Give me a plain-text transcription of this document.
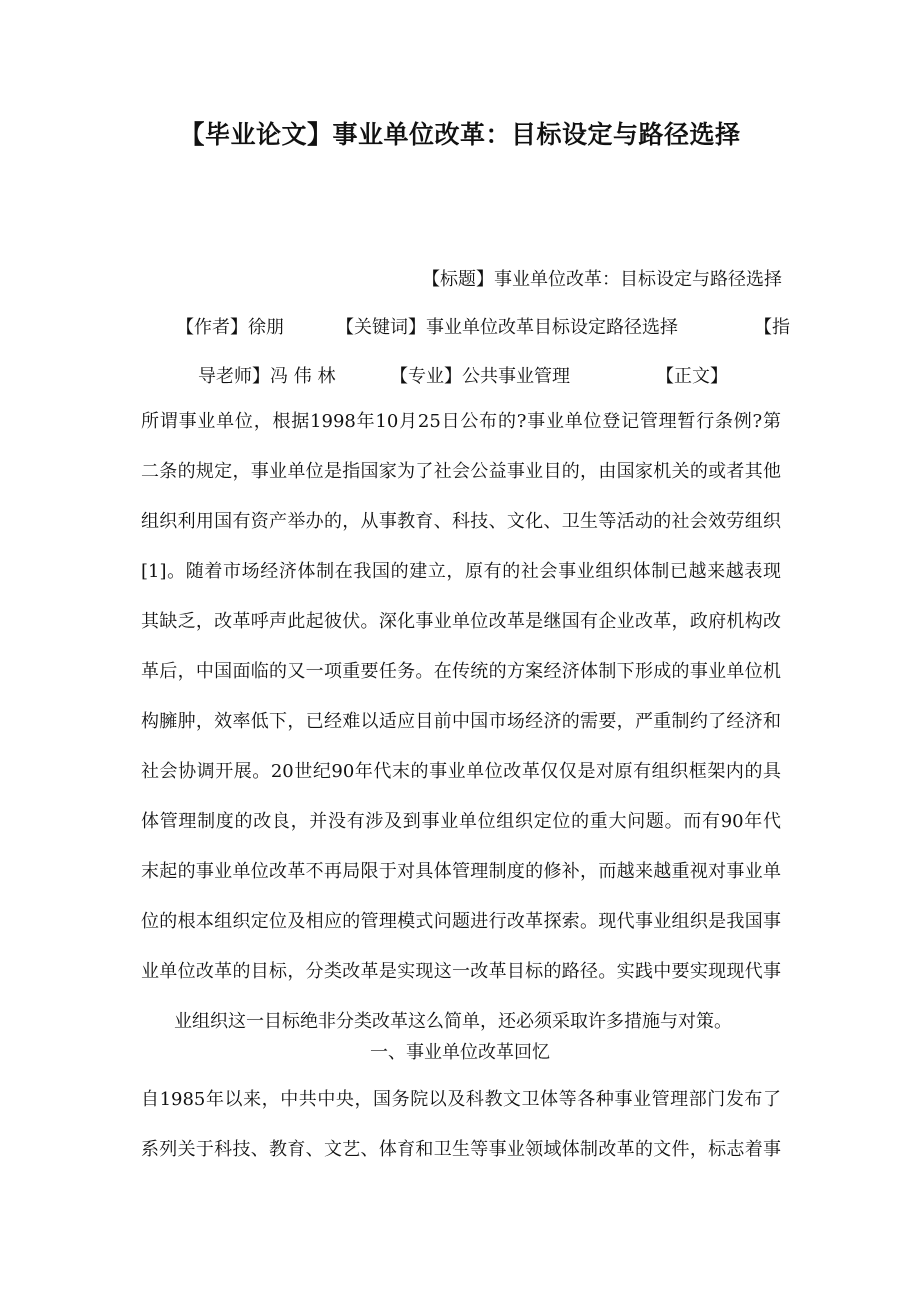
【毕业论文】事业单位改革：目标设定与路径选择
【标题】事业单位改革：目标设定与路径选择
【作者】徐朋	【关键词】事业单位改革目标设定路径选择	【指
导老师】冯 伟 林	【专业】公共事业管理	【正文】
所谓事业单位，根据1998年10月25日公布的?事业单位登记管理暂行条例?第
二条的规定，事业单位是指国家为了社会公益事业目的，由国家机关的或者其他
组织利用国有资产举办的，从事教育、科技、文化、卫生等活动的社会效劳组织
[1]。随着市场经济体制在我国的建立，原有的社会事业组织体制已越来越表现
其缺乏，改革呼声此起彼伏。深化事业单位改革是继国有企业改革，政府机构改
革后，中国面临的又一项重要任务。在传统的方案经济体制下形成的事业单位机
构臃肿，效率低下，已经难以适应目前中国市场经济的需要，严重制约了经济和
社会协调开展。20世纪90年代末的事业单位改革仅仅是对原有组织框架内的具
体管理制度的改良，并没有涉及到事业单位组织定位的重大问题。而有90年代
末起的事业单位改革不再局限于对具体管理制度的修补，而越来越重视对事业单
位的根本组织定位及相应的管理模式问题进行改革探索。现代事业组织是我国事
业单位改革的目标，分类改革是实现这一改革目标的路径。实践中要实现现代事
业组织这一目标绝非分类改革这么简单，还必须采取许多措施与对策。
一、事业单位改革回忆
自1985年以来，中共中央，国务院以及科教文卫体等各种事业管理部门发布了
系列关于科技、教育、文艺、体育和卫生等事业领域体制改革的文件，标志着事
